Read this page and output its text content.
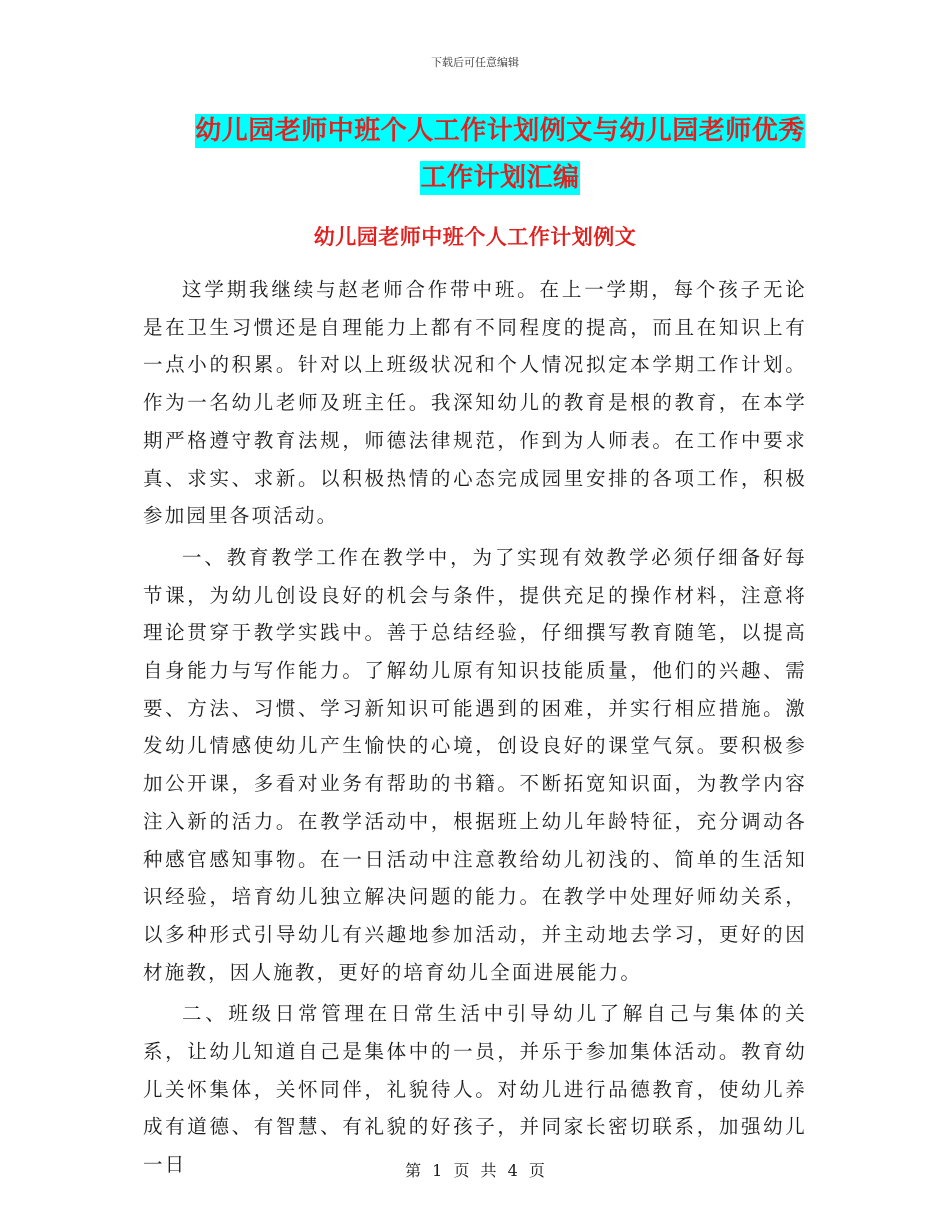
下载后可任意编辑
幼儿园老师中班个人工作计划例文与幼儿园老师优秀工作计划汇编
幼儿园老师中班个人工作计划例文

这学期我继续与赵老师合作带中班。在上一学期，每个孩子无论是在卫生习惯还是自理能力上都有不同程度的提高，而且在知识上有一点小的积累。针对以上班级状况和个人情况拟定本学期工作计划。作为一名幼儿老师及班主任。我深知幼儿的教育是根的教育，在本学期严格遵守教育法规，师德法律规范，作到为人师表。在工作中要求真、求实、求新。以积极热情的心态完成园里安排的各项工作，积极参加园里各项活动。

一、教育教学工作在教学中，为了实现有效教学必须仔细备好每节课，为幼儿创设良好的机会与条件，提供充足的操作材料，注意将理论贯穿于教学实践中。善于总结经验，仔细撰写教育随笔，以提高自身能力与写作能力。了解幼儿原有知识技能质量，他们的兴趣、需要、方法、习惯、学习新知识可能遇到的困难，并实行相应措施。激发幼儿情感使幼儿产生愉快的心境，创设良好的课堂气氛。要积极参加公开课，多看对业务有帮助的书籍。不断拓宽知识面，为教学内容注入新的活力。在教学活动中，根据班上幼儿年龄特征，充分调动各种感官感知事物。在一日活动中注意教给幼儿初浅的、简单的生活知识经验，培育幼儿独立解决问题的能力。在教学中处理好师幼关系，以多种形式引导幼儿有兴趣地参加活动，并主动地去学习，更好的因材施教，因人施教，更好的培育幼儿全面进展能力。

二、班级日常管理在日常生活中引导幼儿了解自己与集体的关系，让幼儿知道自己是集体中的一员，并乐于参加集体活动。教育幼儿关怀集体，关怀同伴，礼貌待人。对幼儿进行品德教育，使幼儿养成有道德、有智慧、有礼貌的好孩子，并同家长密切联系，加强幼儿一日	第 1 页 共 4 页
